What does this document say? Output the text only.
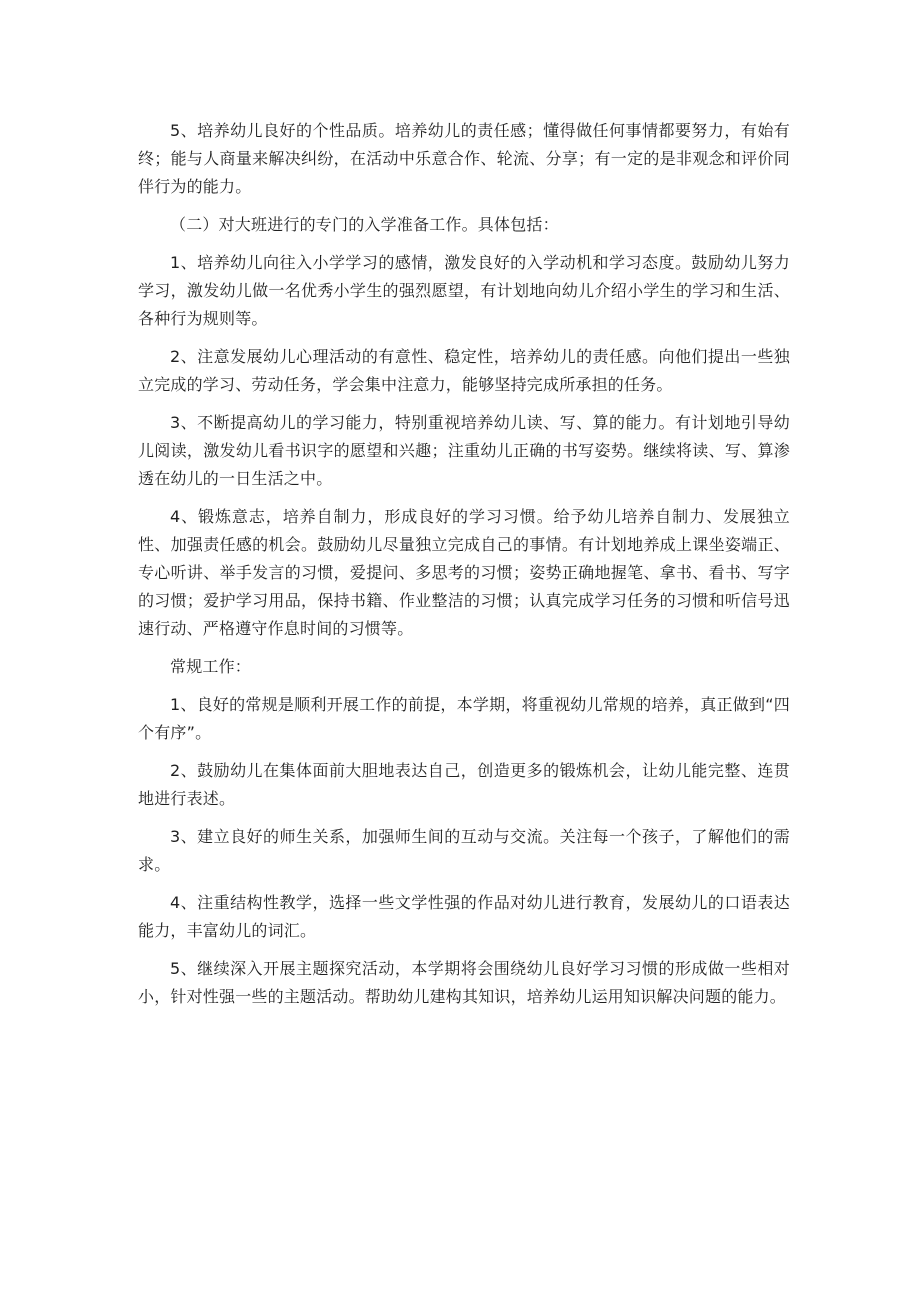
5、培养幼儿良好的个性品质。培养幼儿的责任感；懂得做任何事情都要努力，有始有终；能与人商量来解决纠纷，在活动中乐意合作、轮流、分享；有一定的是非观念和评价同伴行为的能力。

（二）对大班进行的专门的入学准备工作。具体包括：

1、培养幼儿向往入小学学习的感情，激发良好的入学动机和学习态度。鼓励幼儿努力学习，激发幼儿做一名优秀小学生的强烈愿望，有计划地向幼儿介绍小学生的学习和生活、各种行为规则等。

2、注意发展幼儿心理活动的有意性、稳定性，培养幼儿的责任感。向他们提出一些独立完成的学习、劳动任务，学会集中注意力，能够坚持完成所承担的任务。

3、不断提高幼儿的学习能力，特别重视培养幼儿读、写、算的能力。有计划地引导幼儿阅读，激发幼儿看书识字的愿望和兴趣；注重幼儿正确的书写姿势。继续将读、写、算渗透在幼儿的一日生活之中。

4、锻炼意志，培养自制力，形成良好的学习习惯。给予幼儿培养自制力、发展独立性、加强责任感的机会。鼓励幼儿尽量独立完成自己的事情。有计划地养成上课坐姿端正、专心听讲、举手发言的习惯，爱提问、多思考的习惯；姿势正确地握笔、拿书、看书、写字的习惯；爱护学习用品，保持书籍、作业整洁的习惯；认真完成学习任务的习惯和听信号迅速行动、严格遵守作息时间的习惯等。

常规工作：

1、良好的常规是顺利开展工作的前提，本学期，将重视幼儿常规的培养，真正做到“四个有序”。

2、鼓励幼儿在集体面前大胆地表达自己，创造更多的锻炼机会，让幼儿能完整、连贯地进行表述。

3、建立良好的师生关系，加强师生间的互动与交流。关注每一个孩子，了解他们的需求。

4、注重结构性教学，选择一些文学性强的作品对幼儿进行教育，发展幼儿的口语表达能力，丰富幼儿的词汇。

5、继续深入开展主题探究活动，本学期将会围绕幼儿良好学习习惯的形成做一些相对小，针对性强一些的主题活动。帮助幼儿建构其知识，培养幼儿运用知识解决问题的能力。
